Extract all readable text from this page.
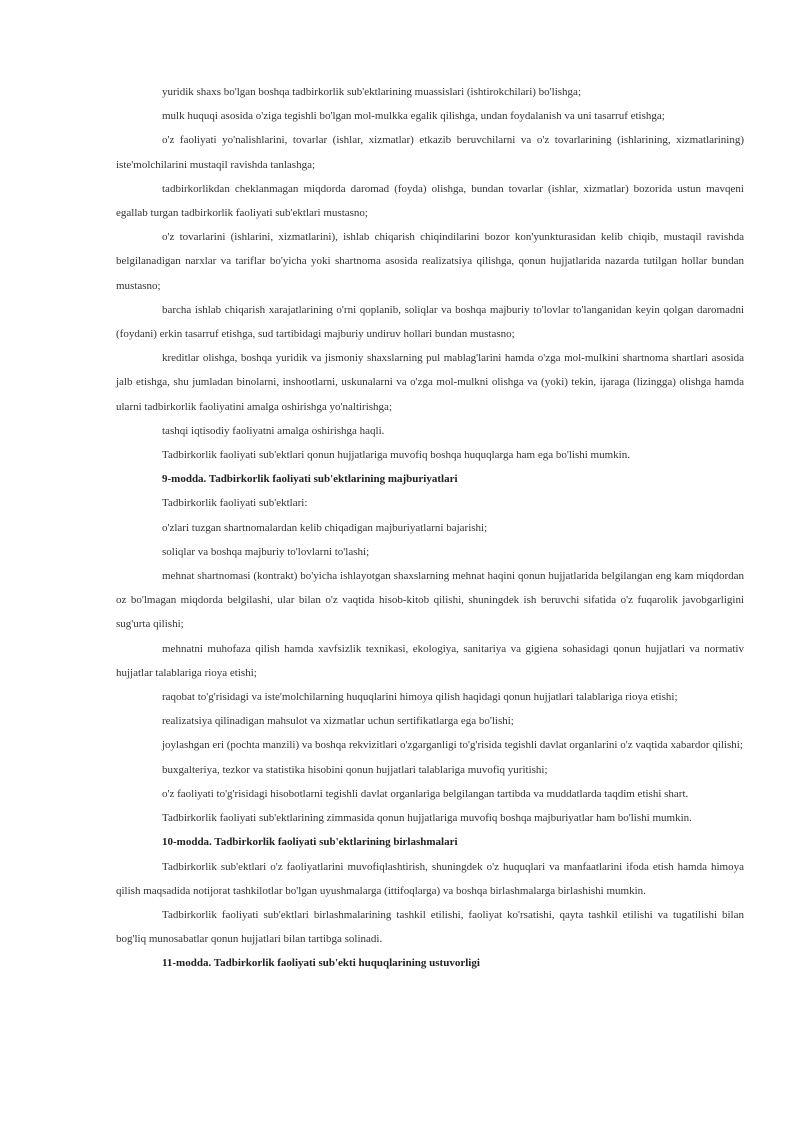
yuridik shaxs bo'lgan boshqa tadbirkorlik sub'ektlarining muassislari (ishtirokchilari) bo'lishga;

mulk huquqi asosida o'ziga tegishli bo'lgan mol-mulkka egalik qilishga, undan foydalanish va uni tasarruf etishga;

o'z faoliyati yo'nalishlarini, tovarlar (ishlar, xizmatlar) etkazib beruvchilarni va o'z tovarlarining (ishlarining, xizmatlarining) iste'molchilarini mustaqil ravishda tanlashga;

tadbirkorlikdan cheklanmagan miqdorda daromad (foyda) olishga, bundan tovarlar (ishlar, xizmatlar) bozorida ustun mavqeni egallab turgan tadbirkorlik faoliyati sub'ektlari mustasno;

o'z tovarlarini (ishlarini, xizmatlarini), ishlab chiqarish chiqindilarini bozor kon'yunkturasidan kelib chiqib, mustaqil ravishda belgilanadigan narxlar va tariflar bo'yicha yoki shartnoma asosida realizatsiya qilishga, qonun hujjatlarida nazarda tutilgan hollar bundan mustasno;

barcha ishlab chiqarish xarajatlarining o'rni qoplanib, soliqlar va boshqa majburiy to'lovlar to'langanidan keyin qolgan daromadni (foydani) erkin tasarruf etishga, sud tartibidagi majburiy undiruv hollari bundan mustasno;

kreditlar olishga, boshqa yuridik va jismoniy shaxslarning pul mablag'larini hamda o'zga mol-mulkini shartnoma shartlari asosida jalb etishga, shu jumladan binolarni, inshootlarni, uskunalarni va o'zga mol-mulkni olishga va (yoki) tekin, ijaraga (lizingga) olishga hamda ularni tadbirkorlik faoliyatini amalga oshirishga yo'naltirishga;

tashqi iqtisodiy faoliyatni amalga oshirishga haqli.

Tadbirkorlik faoliyati sub'ektlari qonun hujjatlariga muvofiq boshqa huquqlarga ham ega bo'lishi mumkin.

9-modda. Tadbirkorlik faoliyati sub'ektlarining majburiyatlari

Tadbirkorlik faoliyati sub'ektlari:

o'zlari tuzgan shartnomalardan kelib chiqadigan majburiyatlarni bajarishi;

soliqlar va boshqa majburiy to'lovlarni to'lashi;

mehnat shartnomasi (kontrakt) bo'yicha ishlayotgan shaxslarning mehnat haqini qonun hujjatlarida belgilangan eng kam miqdordan oz bo'lmagan miqdorda belgilashi, ular bilan o'z vaqtida hisob-kitob qilishi, shuningdek ish beruvchi sifatida o'z fuqarolik javobgarligini sug'urta qilishi;

mehnatni muhofaza qilish hamda xavfsizlik texnikasi, ekologiya, sanitariya va gigiena sohasidagi qonun hujjatlari va normativ hujjatlar talablariga rioya etishi;

raqobat to'g'risidagi va iste'molchilarning huquqlarini himoya qilish haqidagi qonun hujjatlari talablariga rioya etishi;

realizatsiya qilinadigan mahsulot va xizmatlar uchun sertifikatlarga ega bo'lishi;

joylashgan eri (pochta manzili) va boshqa rekvizitlari o'zgarganligi to'g'risida tegishli davlat organlarini o'z vaqtida xabardor qilishi;

buxgalteriya, tezkor va statistika hisobini qonun hujjatlari talablariga muvofiq yuritishi;

o'z faoliyati to'g'risidagi hisobotlarni tegishli davlat organlariga belgilangan tartibda va muddatlarda taqdim etishi shart.

Tadbirkorlik faoliyati sub'ektlarining zimmasida qonun hujjatlariga muvofiq boshqa majburiyatlar ham bo'lishi mumkin.

10-modda. Tadbirkorlik faoliyati sub'ektlarining birlashmalari

Tadbirkorlik sub'ektlari o'z faoliyatlarini muvofiqlashtirish, shuningdek o'z huquqlari va manfaatlarini ifoda etish hamda himoya qilish maqsadida notijorat tashkilotlar bo'lgan uyushmalarga (ittifoqlarga) va boshqa birlashmalarga birlashishi mumkin.

Tadbirkorlik faoliyati sub'ektlari birlashmalarining tashkil etilishi, faoliyat ko'rsatishi, qayta tashkil etilishi va tugatilishi bilan bog'liq munosabatlar qonun hujjatlari bilan tartibga solinadi.

11-modda. Tadbirkorlik faoliyati sub'ekti huquqlarining ustuvorligi
